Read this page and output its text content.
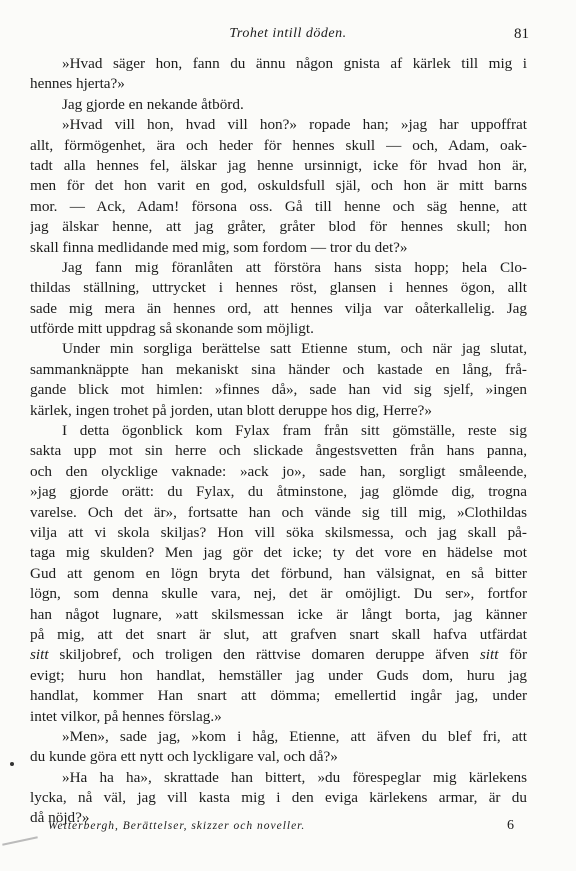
Trohet intill döden.	81
»Hvad säger hon, fann du ännu någon gnista af kärlek till mig i
hennes hjerta?»
Jag gjorde en nekande åtbörd.
»Hvad vill hon, hvad vill hon?» ropade han; »jag har uppoffrat
allt, förmögenhet, ära och heder för hennes skull — och, Adam, oak-
tadt alla hennes fel, älskar jag henne ursinnigt, icke för hvad hon är,
men för det hon varit en god, oskuldsfull själ, och hon är mitt barns
mor. — Ack, Adam! försona oss. Gå till henne och säg henne, att
jag älskar henne, att jag gråter, gråter blod för hennes skull; hon
skall finna medlidande med mig, som fordom — tror du det?»
Jag fann mig föranlåten att förstöra hans sista hopp; hela Clo-
thildas ställning, uttrycket i hennes röst, glansen i hennes ögon, allt
sade mig mera än hennes ord, att hennes vilja var oåterkallelig. Jag
utförde mitt uppdrag så skonande som möjligt.
Under min sorgliga berättelse satt Etienne stum, och när jag slutat,
sammanknäppte han mekaniskt sina händer och kastade en lång, frå-
gande blick mot himlen: »finnes då», sade han vid sig sjelf, »ingen
kärlek, ingen trohet på jorden, utan blott deruppe hos dig, Herre?»
I detta ögonblick kom Fylax fram från sitt gömställe, reste sig
sakta upp mot sin herre och slickade ångestsvetten från hans panna,
och den olycklige vaknade: »ack jo», sade han, sorgligt småleende,
»jag gjorde orätt: du Fylax, du åtminstone, jag glömde dig, trogna
varelse. Och det är», fortsatte han och vände sig till mig, »Clothildas
vilja att vi skola skiljas? Hon vill söka skilsmessa, och jag skall på-
taga mig skulden? Men jag gör det icke; ty det vore en hädelse mot
Gud att genom en lögn bryta det förbund, han välsignat, en så bitter
lögn, som denna skulle vara, nej, det är omöjligt. Du ser», fortfor
han något lugnare, »att skilsmessan icke är långt borta, jag känner
på mig, att det snart är slut, att grafven snart skall hafva utfärdat
sitt skiljobref, och troligen den rättvise domaren deruppe äfven sitt för
evigt; huru hon handlat, hemställer jag under Guds dom, huru jag
handlat, kommer Han snart att dömma; emellertid ingår jag, under
intet vilkor, på hennes förslag.»
»Men», sade jag, »kom i håg, Etienne, att äfven du blef fri, att
du kunde göra ett nytt och lyckligare val, och då?»
»Ha ha ha», skrattade han bittert, »du förespeglar mig kärlekens
lycka, nå väl, jag vill kasta mig i den eviga kärlekens armar, är du
då nöjd?»
Wetterbergh, Berättelser, skizzer och noveller.	6
